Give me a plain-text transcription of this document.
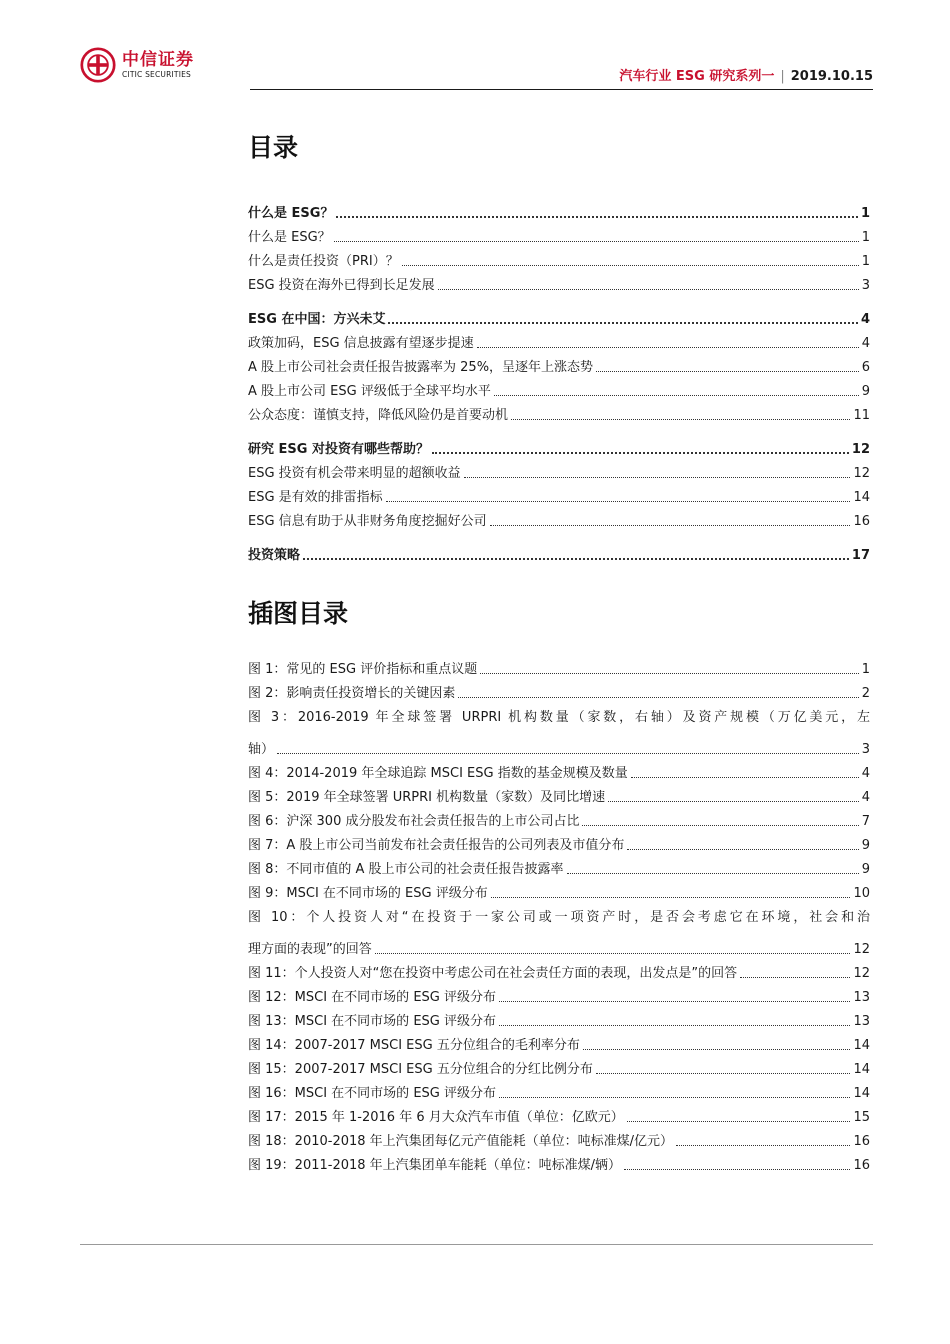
中信证券
CITIC SECURITIES	汽车行业 ESG 研究系列一 | 2019.10.15
目录
什么是 ESG？	1
什么是 ESG？	1
什么是责任投资（PRI）？	1
ESG 投资在海外已得到长足发展	3
ESG 在中国：方兴未艾	4
政策加码，ESG 信息披露有望逐步提速	4
A 股上市公司社会责任报告披露率为 25%，呈逐年上涨态势	6
A 股上市公司 ESG 评级低于全球平均水平	9
公众态度：谨慎支持，降低风险仍是首要动机	11
研究 ESG 对投资有哪些帮助？	12
ESG 投资有机会带来明显的超额收益	12
ESG 是有效的排雷指标	14
ESG 信息有助于从非财务角度挖掘好公司	16
投资策略	17
插图目录
图 1：常见的 ESG 评价指标和重点议题	1
图 2：影响责任投资增长的关键因素	2
图 3：2016-2019 年全球签署 URPRI 机构数量（家数，右轴）及资产规模（万亿美元，左
轴）	3
图 4：2014-2019 年全球追踪 MSCI ESG 指数的基金规模及数量	4
图 5：2019 年全球签署 URPRI 机构数量（家数）及同比增速	4
图 6：沪深 300 成分股发布社会责任报告的上市公司占比	7
图 7：A 股上市公司当前发布社会责任报告的公司列表及市值分布	9
图 8：不同市值的 A 股上市公司的社会责任报告披露率	9
图 9：MSCI 在不同市场的 ESG 评级分布	10
图 10：个人投资人对“在投资于一家公司或一项资产时，是否会考虑它在环境，社会和治
理方面的表现”的回答	12
图 11：个人投资人对“您在投资中考虑公司在社会责任方面的表现，出发点是”的回答	12
图 12：MSCI 在不同市场的 ESG 评级分布	13
图 13：MSCI 在不同市场的 ESG 评级分布	13
图 14：2007-2017 MSCI ESG 五分位组合的毛利率分布	14
图 15：2007-2017 MSCI ESG 五分位组合的分红比例分布	14
图 16：MSCI 在不同市场的 ESG 评级分布	14
图 17：2015 年 1-2016 年 6 月大众汽车市值（单位：亿欧元）	15
图 18：2010-2018 年上汽集团每亿元产值能耗（单位：吨标准煤/亿元）	16
图 19：2011-2018 年上汽集团单车能耗（单位：吨标准煤/辆）	16
